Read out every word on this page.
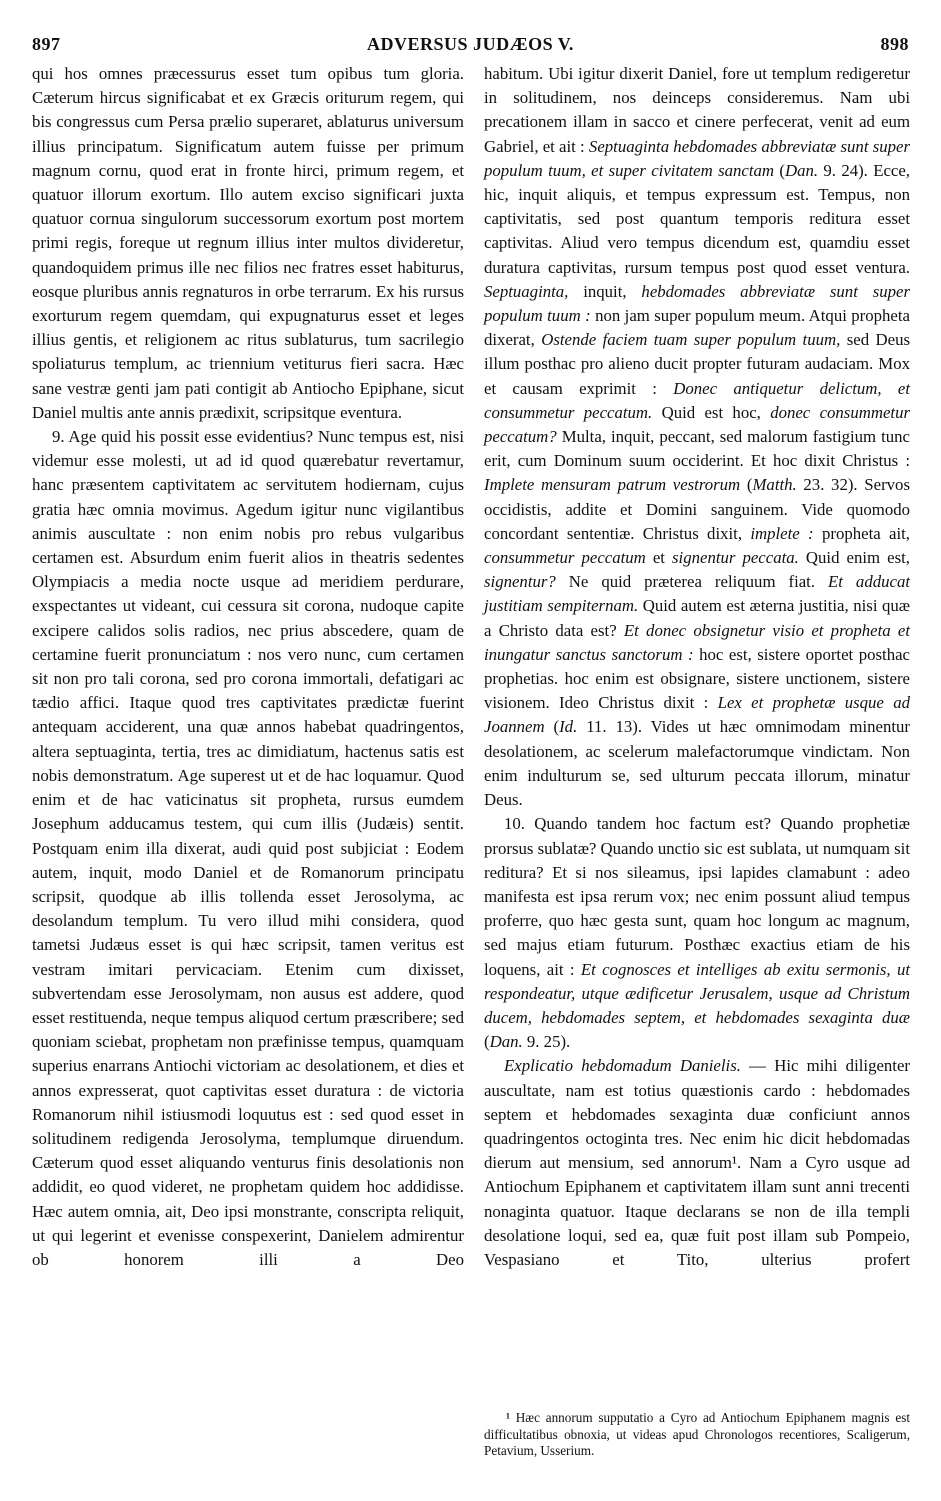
897	ADVERSUS JUDÆOS V.	898

qui hos omnes præcessurus esset tum opibus tum gloria. Cæterum hircus significabat et ex Græcis oriturum regem, qui bis congressus cum Persa prælio superaret, ablaturus universum illius principatum. Significatum autem fuisse per primum magnum cornu, quod erat in fronte hirci, primum regem, et quatuor illorum exortum. Illo autem exciso significari juxta quatuor cornua singulorum successorum exortum post mortem primi regis, foreque ut regnum illius inter multos divideretur, quandoquidem primus ille nec filios nec fratres esset habiturus, eosque pluribus annis regnaturos in orbe terrarum. Ex his rursus exorturum regem quemdam, qui expugnaturus esset et leges illius gentis, et religionem ac ritus sublaturus, tum sacrilegio spoliaturus templum, ac triennium vetiturus fieri sacra. Hæc sane vestræ genti jam pati contigit ab Antiocho Epiphane, sicut Daniel multis ante annis prædixit, scripsitque eventura.

9. Age quid his possit esse evidentius? Nunc tempus est, nisi videmur esse molesti, ut ad id quod quærebatur revertamur, hanc præsentem captivitatem ac servitutem hodiernam, cujus gratia hæc omnia movimus. Agedum igitur nunc vigilantibus animis auscultate : non enim nobis pro rebus vulgaribus certamen est. Absurdum enim fuerit alios in theatris sedentes Olympiacis a media nocte usque ad meridiem perdurare, exspectantes ut videant, cui cessura sit corona, nudoque capite excipere calidos solis radios, nec prius abscedere, quam de certamine fuerit pronunciatum : nos vero nunc, cum certamen sit non pro tali corona, sed pro corona immortali, defatigari ac tædio affici. Itaque quod tres captivitates prædictæ fuerint antequam acciderent, una quæ annos habebat quadringentos, altera septuaginta, tertia, tres ac dimidiatum, hactenus satis est nobis demonstratum. Age superest ut et de hac loquamur. Quod enim et de hac vaticinatus sit propheta, rursus eumdem Josephum adducamus testem, qui cum illis (Judæis) sentit. Postquam enim illa dixerat, audi quid post subjiciat : Eodem autem, inquit, modo Daniel et de Romanorum principatu scripsit, quodque ab illis tollenda esset Jerosolyma, ac desolandum templum. Tu vero illud mihi considera, quod tametsi Judæus esset is qui hæc scripsit, tamen veritus est vestram imitari pervicaciam. Etenim cum dixisset, subvertendam esse Jerosolymam, non ausus est addere, quod esset restituenda, neque tempus aliquod certum præscribere; sed quoniam sciebat, prophetam non præfinisse tempus, quamquam superius enarrans Antiochi victoriam ac desolationem, et dies et annos expresserat, quot captivitas esset duratura : de victoria Romanorum nihil istiusmodi loquutus est : sed quod esset in solitudinem redigenda Jerosolyma, templumque diruendum. Cæterum quod esset aliquando venturus finis desolationis non addidit, eo quod videret, ne prophetam quidem hoc addidisse. Hæc autem omnia, ait, Deo ipsi monstrante, conscripta reliquit, ut qui legerint et evenisse conspexerint, Danielem admirentur ob honorem illi a Deo

habitum. Ubi igitur dixerit Daniel, fore ut templum redigeretur in solitudinem, nos deinceps consideremus. Nam ubi precationem illam in sacco et cinere perfecerat, venit ad eum Gabriel, et ait : Septuaginta hebdomades abbreviatæ sunt super populum tuum, et super civitatem sanctam (Dan. 9. 24). Ecce, hic, inquit aliquis, et tempus expressum est. Tempus, non captivitatis, sed post quantum temporis reditura esset captivitas. Aliud vero tempus dicendum est, quamdiu esset duratura captivitas, rursum tempus post quod esset ventura. Septuaginta, inquit, hebdomades abbreviatæ sunt super populum tuum : non jam super populum meum. Atqui propheta dixerat, Ostende faciem tuam super populum tuum, sed Deus illum posthac pro alieno ducit propter futuram audaciam. Mox et causam exprimit : Donec antiquetur delictum, et consummetur peccatum. Quid est hoc, donec consummetur peccatum? Multa, inquit, peccant, sed malorum fastigium tunc erit, cum Dominum suum occiderint. Et hoc dixit Christus : Implete mensuram patrum vestrorum (Matth. 23. 32). Servos occidistis, addite et Domini sanguinem. Vide quomodo concordant sententiæ. Christus dixit, implete : propheta ait, consummetur peccatum et signentur peccata. Quid enim est, signentur? Ne quid præterea reliquum fiat. Et adducat justitiam sempiternam. Quid autem est æterna justitia, nisi quæ a Christo data est? Et donec obsignetur visio et propheta et inungatur sanctus sanctorum : hoc est, sistere oportet posthac prophetias. hoc enim est obsignare, sistere unctionem, sistere visionem. Ideo Christus dixit : Lex et prophetæ usque ad Joannem (Id. 11. 13). Vides ut hæc omnimodam minentur desolationem, ac scelerum malefactorumque vindictam. Non enim indulturum se, sed ulturum peccata illorum, minatur Deus.

10. Quando tandem hoc factum est? Quando prophetiæ prorsus sublatæ? Quando unctio sic est sublata, ut numquam sit reditura? Et si nos sileamus, ipsi lapides clamabunt : adeo manifesta est ipsa rerum vox; nec enim possunt aliud tempus proferre, quo hæc gesta sunt, quam hoc longum ac magnum, sed majus etiam futurum. Posthæc exactius etiam de his loquens, ait : Et cognosces et intelliges ab exitu sermonis, ut respondeatur, utque ædificetur Jerusalem, usque ad Christum ducem, hebdomades septem, et hebdomades sexaginta duæ (Dan. 9. 25).

Explicatio hebdomadum Danielis. — Hic mihi diligenter auscultate, nam est totius quæstionis cardo : hebdomades septem et hebdomades sexaginta duæ conficiunt annos quadringentos octoginta tres. Nec enim hic dicit hebdomadas dierum aut mensium, sed annorum¹. Nam a Cyro usque ad Antiochum Epiphanem et captivitatem illam sunt anni trecenti nonaginta quatuor. Itaque declarans se non de illa templi desolatione loqui, sed ea, quæ fuit post illam sub Pompeio, Vespasiano et Tito, ulterius profert

¹ Hæc annorum supputatio a Cyro ad Antiochum Epiphanem magnis est difficultatibus obnoxia, ut videas apud Chronologos recentiores, Scaligerum, Petavium, Usserium.
